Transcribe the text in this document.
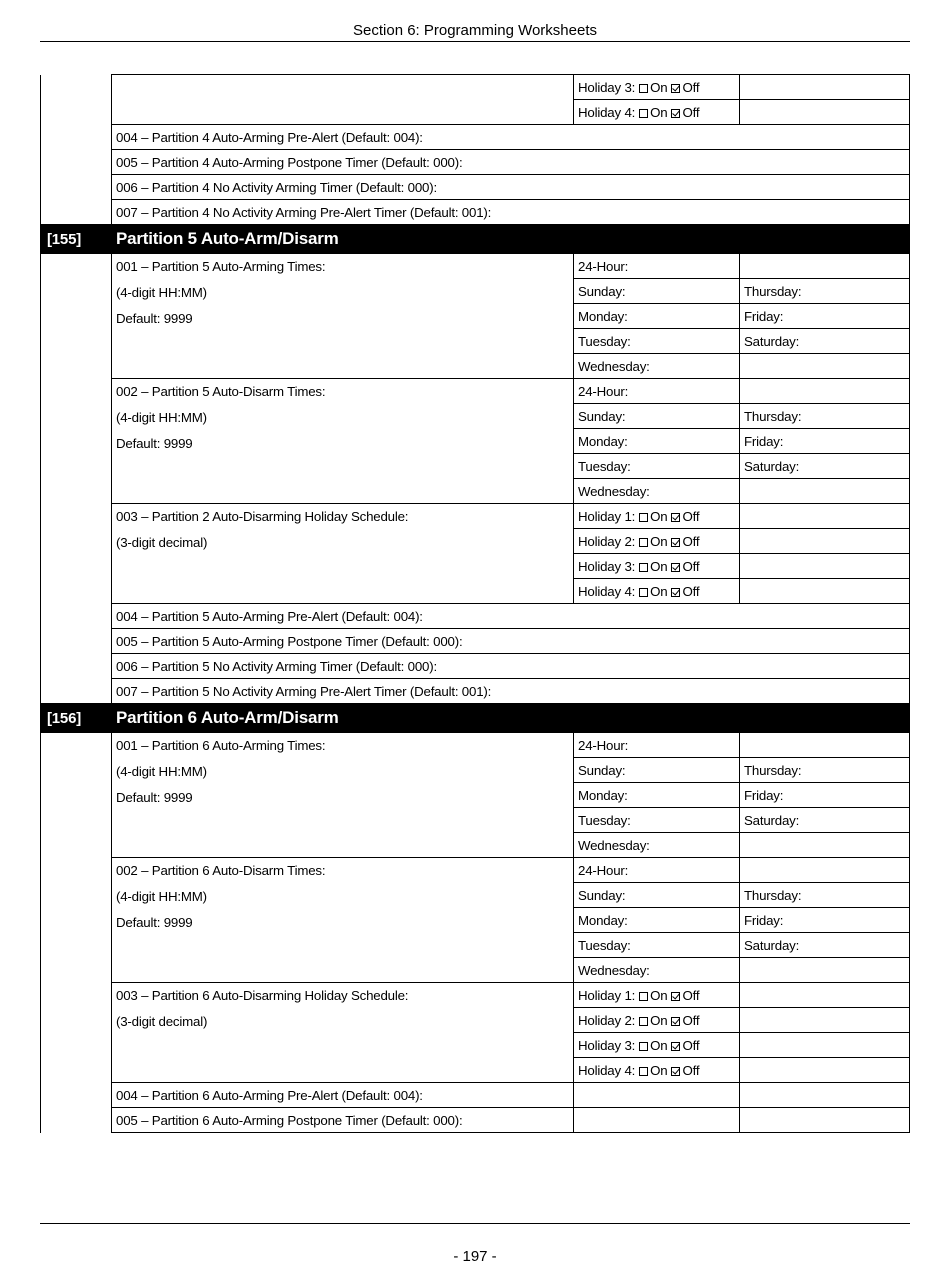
Section 6: Programming Worksheets
		Holiday 3: On Off	
		Holiday 4: On Off	
	004 – Partition 4 Auto-Arming Pre-Alert (Default: 004):		
	005 – Partition 4 Auto-Arming Postpone Timer (Default: 000):		
	006 – Partition 4 No Activity Arming Timer (Default: 000):		
	007 – Partition 4 No Activity Arming Pre-Alert Timer (Default: 001):		
[155]	Partition 5 Auto-Arm/Disarm		

	001 – Partition 5 Auto-Arming Times:
(4-digit HH:MM)
Default: 9999	24-Hour:	
		Sunday:	Thursday:
		Monday:	Friday:
		Tuesday:	Saturday:
		Wednesday:	

	002 – Partition 5 Auto-Disarm Times:
(4-digit HH:MM)
Default: 9999	24-Hour:	
		Sunday:	Thursday:
		Monday:	Friday:
		Tuesday:	Saturday:
		Wednesday:	

	003 – Partition 2 Auto-Disarming Holiday Schedule:
(3-digit decimal)	Holiday 1: On Off	
		Holiday 2: On Off	
		Holiday 3: On Off	
		Holiday 4: On Off	
	004 – Partition 5 Auto-Arming Pre-Alert (Default: 004):		
	005 – Partition 5 Auto-Arming Postpone Timer (Default: 000):		
	006 – Partition 5 No Activity Arming Timer (Default: 000):		
	007 – Partition 5 No Activity Arming Pre-Alert Timer (Default: 001):		
[156]	Partition 6 Auto-Arm/Disarm		

	001 – Partition 6 Auto-Arming Times:
(4-digit HH:MM)
Default: 9999	24-Hour:	
		Sunday:	Thursday:
		Monday:	Friday:
		Tuesday:	Saturday:
		Wednesday:	

	002 – Partition 6 Auto-Disarm Times:
(4-digit HH:MM)
Default: 9999	24-Hour:	
		Sunday:	Thursday:
		Monday:	Friday:
		Tuesday:	Saturday:
		Wednesday:	

	003 – Partition 6 Auto-Disarming Holiday Schedule:
(3-digit decimal)	Holiday 1: On Off	
		Holiday 2: On Off	
		Holiday 3: On Off	
		Holiday 4: On Off	
	004 – Partition 6 Auto-Arming Pre-Alert (Default: 004):		
	005 – Partition 6 Auto-Arming Postpone Timer (Default: 000):		
- 197 -
